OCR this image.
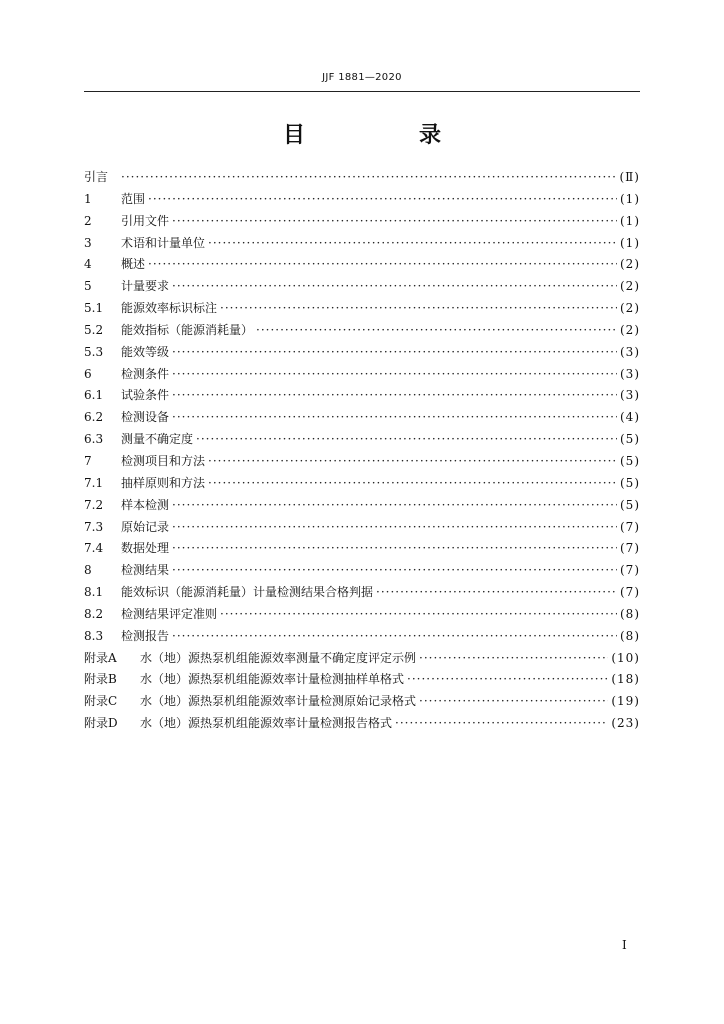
JJF 1881—2020
目　录
引言 ·····	(Ⅱ)
1	范围 ·····	(1)
2	引用文件 ·····	(1)
3	术语和计量单位 ·····	(1)
4	概述 ·····	(2)
5	计量要求 ·····	(2)
5.1	能源效率标识标注 ·····	(2)
5.2	能效指标（能源消耗量） ·····	(2)
5.3	能效等级 ·····	(3)
6	检测条件 ·····	(3)
6.1	试验条件 ·····	(3)
6.2	检测设备 ·····	(4)
6.3	测量不确定度 ·····	(5)
7	检测项目和方法 ·····	(5)
7.1	抽样原则和方法 ·····	(5)
7.2	样本检测 ·····	(5)
7.3	原始记录 ·····	(7)
7.4	数据处理 ·····	(7)
8	检测结果 ·····	(7)
8.1	能效标识（能源消耗量）计量检测结果合格判据 ·····	(7)
8.2	检测结果评定准则 ·····	(8)
8.3	检测报告 ·····	(8)
附录A	水（地）源热泵机组能源效率测量不确定度评定示例 ·····	(10)
附录B	水（地）源热泵机组能源效率计量检测抽样单格式 ·····	(18)
附录C	水（地）源热泵机组能源效率计量检测原始记录格式 ·····	(19)
附录D	水（地）源热泵机组能源效率计量检测报告格式 ·····	(23)
Ⅰ
